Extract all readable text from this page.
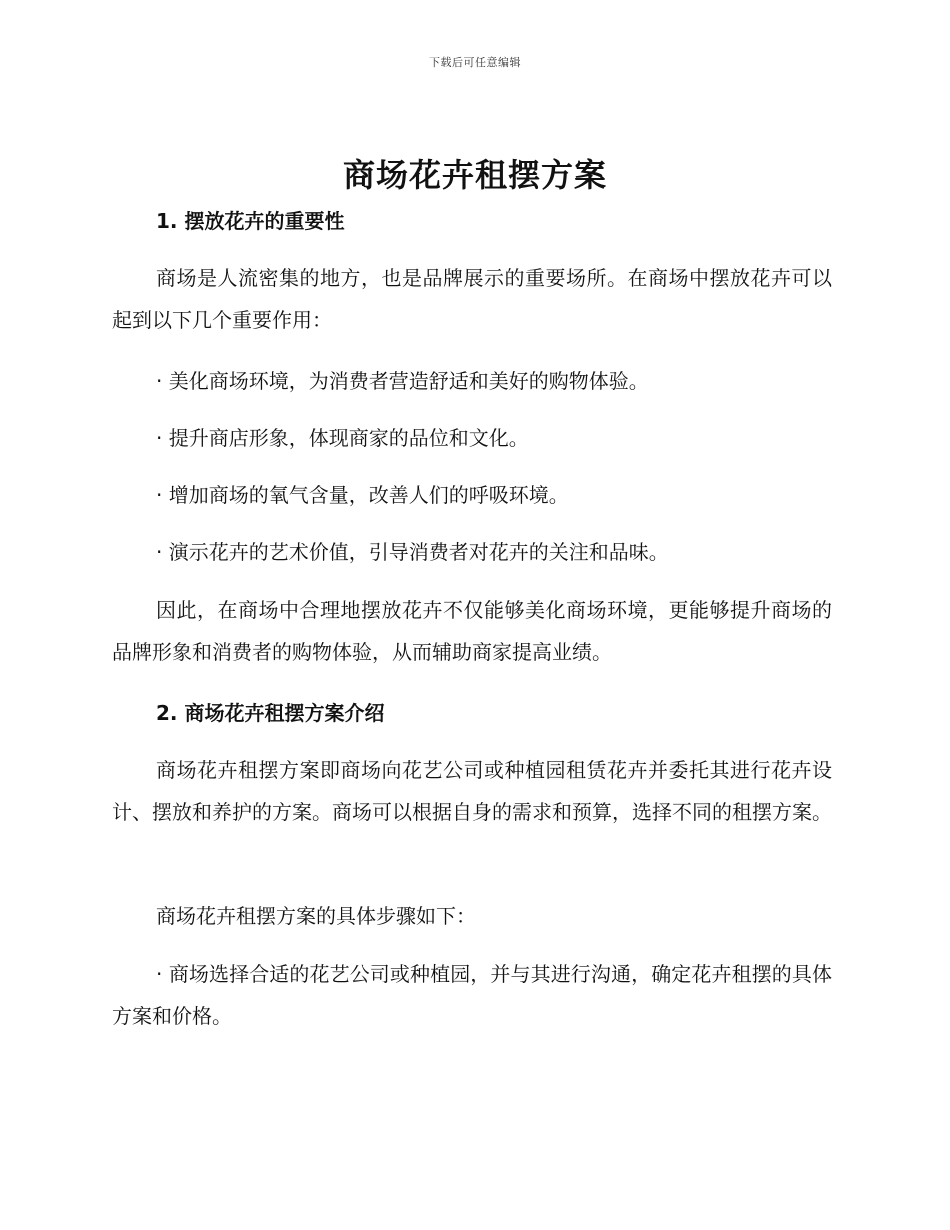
下载后可任意编辑
商场花卉租摆方案
1. 摆放花卉的重要性
商场是人流密集的地方，也是品牌展示的重要场所。在商场中摆放花卉可以起到以下几个重要作用：
· 美化商场环境，为消费者营造舒适和美好的购物体验。
· 提升商店形象，体现商家的品位和文化。
· 增加商场的氧气含量，改善人们的呼吸环境。
· 演示花卉的艺术价值，引导消费者对花卉的关注和品味。
因此，在商场中合理地摆放花卉不仅能够美化商场环境，更能够提升商场的品牌形象和消费者的购物体验，从而辅助商家提高业绩。
2. 商场花卉租摆方案介绍
商场花卉租摆方案即商场向花艺公司或种植园租赁花卉并委托其进行花卉设计、摆放和养护的方案。商场可以根据自身的需求和预算，选择不同的租摆方案。
商场花卉租摆方案的具体步骤如下：
· 商场选择合适的花艺公司或种植园，并与其进行沟通，确定花卉租摆的具体方案和价格。
